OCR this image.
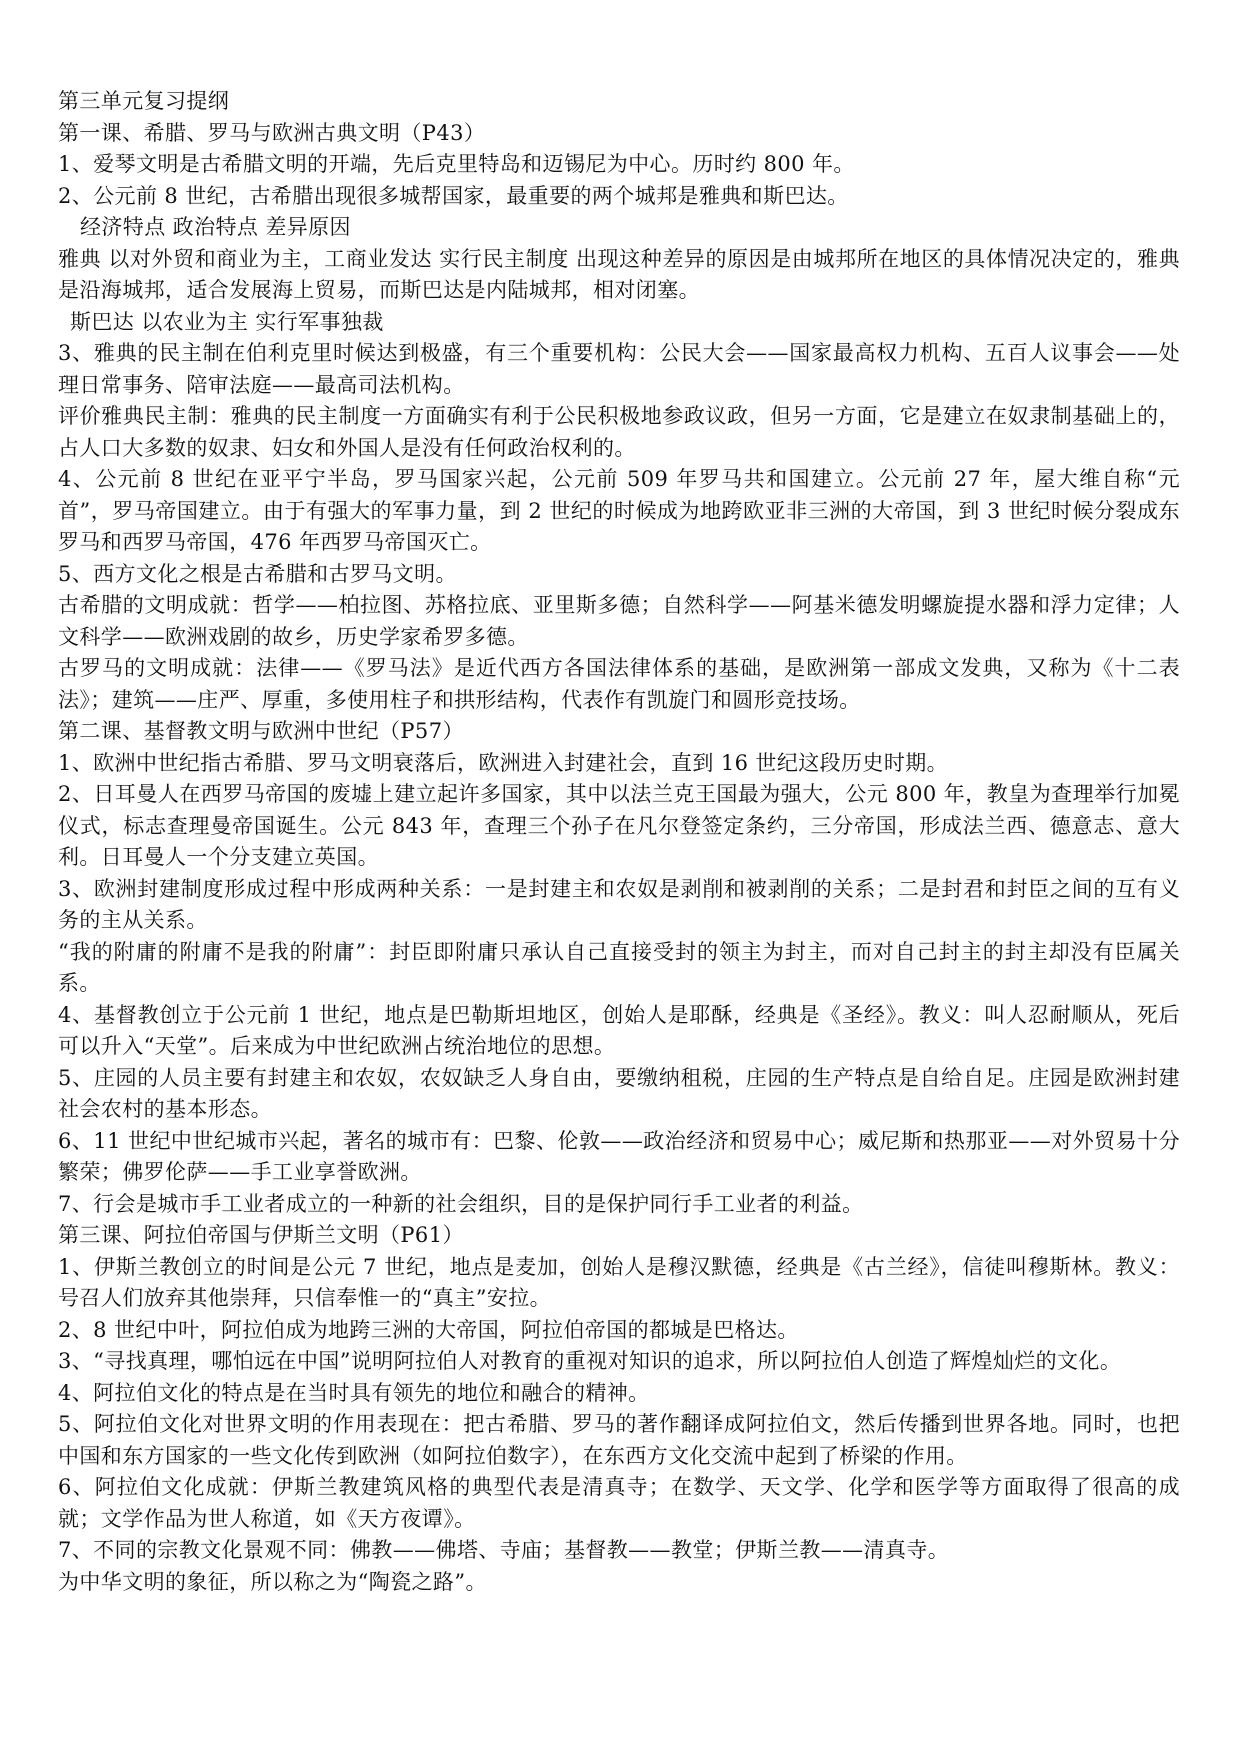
第三单元复习提纲

第一课、希腊、罗马与欧洲古典文明（P43）

1、爱琴文明是古希腊文明的开端，先后克里特岛和迈锡尼为中心。历时约 800 年。

2、公元前 8 世纪，古希腊出现很多城帮国家，最重要的两个城邦是雅典和斯巴达。

经济特点 政治特点 差异原因

雅典 以对外贸和商业为主，工商业发达 实行民主制度 出现这种差异的原因是由城邦所在地区的具体情况决定的，雅典是沿海城邦，适合发展海上贸易，而斯巴达是内陆城邦，相对闭塞。

斯巴达 以农业为主 实行军事独裁

3、雅典的民主制在伯利克里时候达到极盛，有三个重要机构：公民大会——国家最高权力机构、五百人议事会——处理日常事务、陪审法庭——最高司法机构。

评价雅典民主制：雅典的民主制度一方面确实有利于公民积极地参政议政，但另一方面，它是建立在奴隶制基础上的，占人口大多数的奴隶、妇女和外国人是没有任何政治权利的。

4、公元前 8 世纪在亚平宁半岛，罗马国家兴起，公元前 509 年罗马共和国建立。公元前 27 年，屋大维自称“元首”，罗马帝国建立。由于有强大的军事力量，到 2 世纪的时候成为地跨欧亚非三洲的大帝国，到 3 世纪时候分裂成东罗马和西罗马帝国，476 年西罗马帝国灭亡。

5、西方文化之根是古希腊和古罗马文明。

古希腊的文明成就：哲学——柏拉图、苏格拉底、亚里斯多德；自然科学——阿基米德发明螺旋提水器和浮力定律；人文科学——欧洲戏剧的故乡，历史学家希罗多德。

古罗马的文明成就：法律——《罗马法》是近代西方各国法律体系的基础，是欧洲第一部成文发典，又称为《十二表法》；建筑——庄严、厚重，多使用柱子和拱形结构，代表作有凯旋门和圆形竞技场。

第二课、基督教文明与欧洲中世纪（P57）

1、欧洲中世纪指古希腊、罗马文明衰落后，欧洲进入封建社会，直到 16 世纪这段历史时期。

2、日耳曼人在西罗马帝国的废墟上建立起许多国家，其中以法兰克王国最为强大，公元 800 年，教皇为查理举行加冕仪式，标志查理曼帝国诞生。公元 843 年，查理三个孙子在凡尔登签定条约，三分帝国，形成法兰西、德意志、意大利。日耳曼人一个分支建立英国。

3、欧洲封建制度形成过程中形成两种关系：一是封建主和农奴是剥削和被剥削的关系；二是封君和封臣之间的互有义务的主从关系。

“我的附庸的附庸不是我的附庸”：封臣即附庸只承认自己直接受封的领主为封主，而对自己封主的封主却没有臣属关系。

4、基督教创立于公元前 1 世纪，地点是巴勒斯坦地区，创始人是耶酥，经典是《圣经》。教义：叫人忍耐顺从，死后可以升入“天堂”。后来成为中世纪欧洲占统治地位的思想。

5、庄园的人员主要有封建主和农奴，农奴缺乏人身自由，要缴纳租税，庄园的生产特点是自给自足。庄园是欧洲封建社会农村的基本形态。

6、11 世纪中世纪城市兴起，著名的城市有：巴黎、伦敦——政治经济和贸易中心；威尼斯和热那亚——对外贸易十分繁荣；佛罗伦萨——手工业享誉欧洲。

7、行会是城市手工业者成立的一种新的社会组织，目的是保护同行手工业者的利益。

第三课、阿拉伯帝国与伊斯兰文明（P61）

1、伊斯兰教创立的时间是公元 7 世纪，地点是麦加，创始人是穆汉默德，经典是《古兰经》，信徒叫穆斯林。教义：号召人们放弃其他崇拜，只信奉惟一的“真主”安拉。

2、8 世纪中叶，阿拉伯成为地跨三洲的大帝国，阿拉伯帝国的都城是巴格达。

3、“寻找真理，哪怕远在中国”说明阿拉伯人对教育的重视对知识的追求，所以阿拉伯人创造了辉煌灿烂的文化。

4、阿拉伯文化的特点是在当时具有领先的地位和融合的精神。

5、阿拉伯文化对世界文明的作用表现在：把古希腊、罗马的著作翻译成阿拉伯文，然后传播到世界各地。同时，也把中国和东方国家的一些文化传到欧洲（如阿拉伯数字），在东西方文化交流中起到了桥梁的作用。

6、阿拉伯文化成就：伊斯兰教建筑风格的典型代表是清真寺；在数学、天文学、化学和医学等方面取得了很高的成就；文学作品为世人称道，如《天方夜谭》。

7、不同的宗教文化景观不同：佛教——佛塔、寺庙；基督教——教堂；伊斯兰教——清真寺。

为中华文明的象征，所以称之为“陶瓷之路”。
